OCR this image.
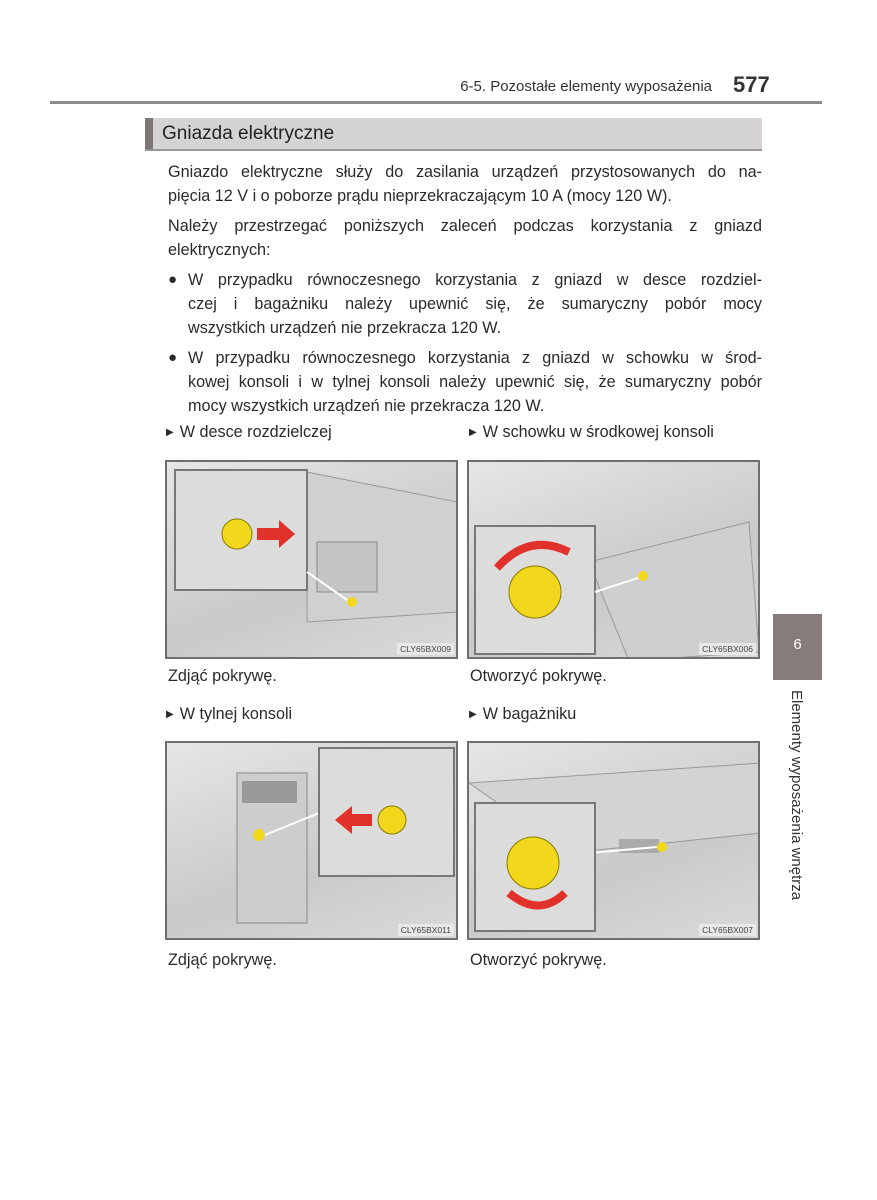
6-5. Pozostałe elementy wyposażenia 577
Gniazda elektryczne
Gniazdo elektryczne służy do zasilania urządzeń przystosowanych do na-
pięcia 12 V i o poborze prądu nieprzekraczającym 10 A (mocy 120 W).
Należy przestrzegać poniższych zaleceń podczas korzystania z gniazd
elektrycznych:
● W przypadku równoczesnego korzystania z gniazd w desce rozdziel-
czej i bagażniku należy upewnić się, że sumaryczny pobór mocy
wszystkich urządzeń nie przekracza 120 W.
● W przypadku równoczesnego korzystania z gniazd w schowku w środ-
kowej konsoli i w tylnej konsoli należy upewnić się, że sumaryczny pobór
mocy wszystkich urządzeń nie przekracza 120 W.
▶ W desce rozdzielczej	▶ W schowku w środkowej konsoli
▶ W tylnej konsoli	▶ W bagażniku
CLY65BX009	CLY65BX006
CLY65BX011	CLY65BX007
Zdjąć pokrywę.	Otworzyć pokrywę.
Zdjąć pokrywę.	Otworzyć pokrywę.
6
Elementy wyposażenia wnętrza
